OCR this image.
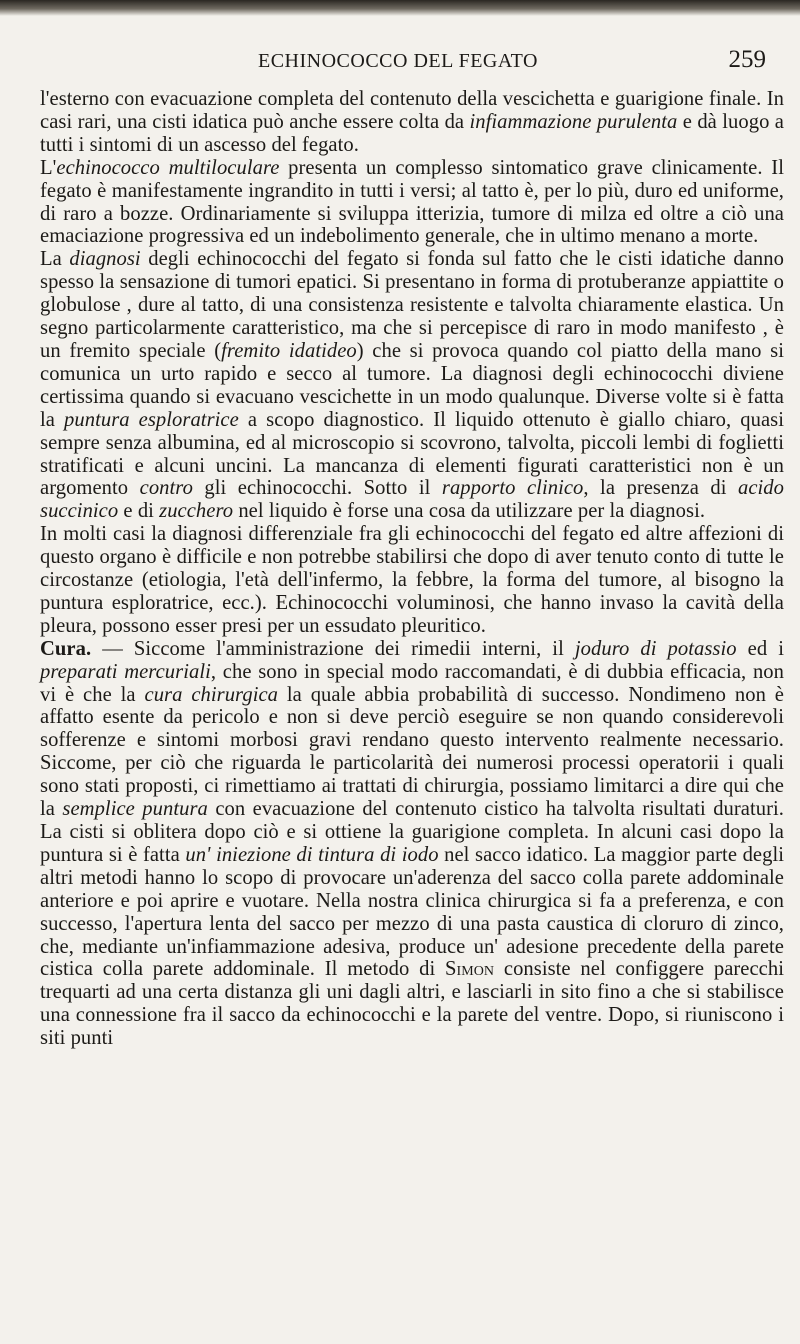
ECHINOCOCCO DEL FEGATO	259

l'esterno con evacuazione completa del contenuto della vescichetta e guarigione finale. In casi rari, una cisti idatica può anche essere colta da infiammazione purulenta e dà luogo a tutti i sintomi di un ascesso del fegato.

L'echinococco multiloculare presenta un complesso sintomatico grave clinicamente. Il fegato è manifestamente ingrandito in tutti i versi; al tatto è, per lo più, duro ed uniforme, di raro a bozze. Ordinariamente si sviluppa itterizia, tumore di milza ed oltre a ciò una emaciazione progressiva ed un indebolimento generale, che in ultimo menano a morte.

La diagnosi degli echinococchi del fegato si fonda sul fatto che le cisti idatiche danno spesso la sensazione di tumori epatici. Si presentano in forma di protuberanze appiattite o globulose , dure al tatto, di una consistenza resistente e talvolta chiaramente elastica. Un segno particolarmente caratteristico, ma che si percepisce di raro in modo manifesto , è un fremito speciale (fremito idatideo) che si provoca quando col piatto della mano si comunica un urto rapido e secco al tumore. La diagnosi degli echinococchi diviene certissima quando si evacuano vescichette in un modo qualunque. Diverse volte si è fatta la puntura esploratrice a scopo diagnostico. Il liquido ottenuto è giallo chiaro, quasi sempre senza albumina, ed al microscopio si scovrono, talvolta, piccoli lembi di foglietti stratificati e alcuni uncini. La mancanza di elementi figurati caratteristici non è un argomento contro gli echinococchi. Sotto il rapporto clinico, la presenza di acido succinico e di zucchero nel liquido è forse una cosa da utilizzare per la diagnosi.

In molti casi la diagnosi differenziale fra gli echinococchi del fegato ed altre affezioni di questo organo è difficile e non potrebbe stabilirsi che dopo di aver tenuto conto di tutte le circostanze (etiologia, l'età dell'infermo, la febbre, la forma del tumore, al bisogno la puntura esploratrice, ecc.). Echinococchi voluminosi, che hanno invaso la cavità della pleura, possono esser presi per un essudato pleuritico.

Cura. — Siccome l'amministrazione dei rimedii interni, il joduro di potassio ed i preparati mercuriali, che sono in special modo raccomandati, è di dubbia efficacia, non vi è che la cura chirurgica la quale abbia probabilità di successo. Nondimeno non è affatto esente da pericolo e non si deve perciò eseguire se non quando considerevoli sofferenze e sintomi morbosi gravi rendano questo intervento realmente necessario. Siccome, per ciò che riguarda le particolarità dei numerosi processi operatorii i quali sono stati proposti, ci rimettiamo ai trattati di chirurgia, possiamo limitarci a dire qui che la semplice puntura con evacuazione del contenuto cistico ha talvolta risultati duraturi. La cisti si oblitera dopo ciò e si ottiene la guarigione completa. In alcuni casi dopo la puntura si è fatta un' iniezione di tintura di iodo nel sacco idatico. La maggior parte degli altri metodi hanno lo scopo di provocare un'aderenza del sacco colla parete addominale anteriore e poi aprire e vuotare. Nella nostra clinica chirurgica si fa a preferenza, e con successo, l'apertura lenta del sacco per mezzo di una pasta caustica di cloruro di zinco, che, mediante un'infiammazione adesiva, produce un' adesione precedente della parete cistica colla parete addominale. Il metodo di Simon consiste nel configgere parecchi trequarti ad una certa distanza gli uni dagli altri, e lasciarli in sito fino a che si stabilisce una connessione fra il sacco da echinococchi e la parete del ventre. Dopo, si riuniscono i siti punti
